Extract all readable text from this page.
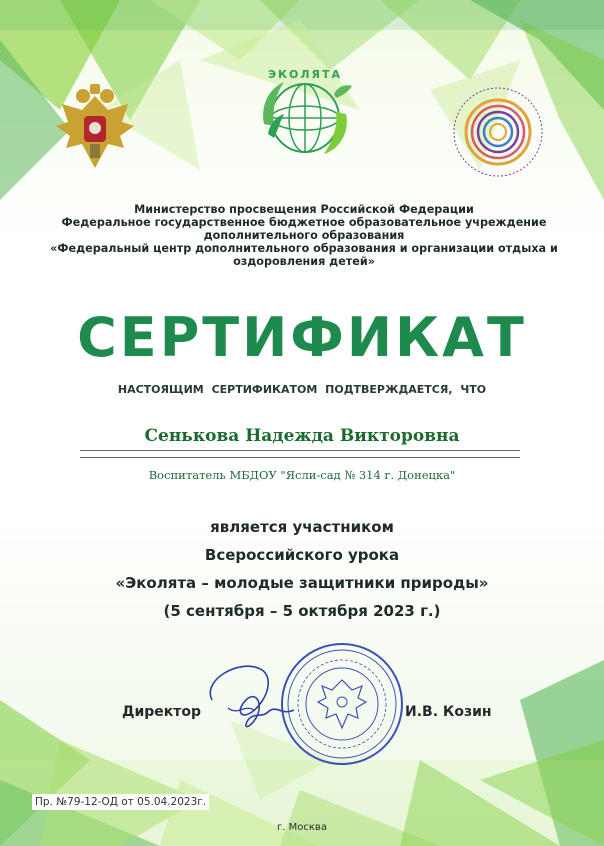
ЭКОЛЯТА
Министерство просвещения Российской Федерации
Федеральное государственное бюджетное образовательное учреждение
дополнительного образования
«Федеральный центр дополнительного образования и организации отдыха и
оздоровления детей»
СЕРТИФИКАТ
НАСТОЯЩИМ СЕРТИФИКАТОМ ПОДТВЕРЖДАЕТСЯ, ЧТО
Сенькова Надежда Викторовна
Воспитатель МБДОУ "Ясли-сад № 314 г. Донецка"
является участником
Всероссийского урока
«Эколята – молодые защитники природы»
(5 сентября – 5 октября 2023 г.)
Директор	И.В. Козин
Пр. №79-12-ОД от 05.04.2023г.
г. Москва
